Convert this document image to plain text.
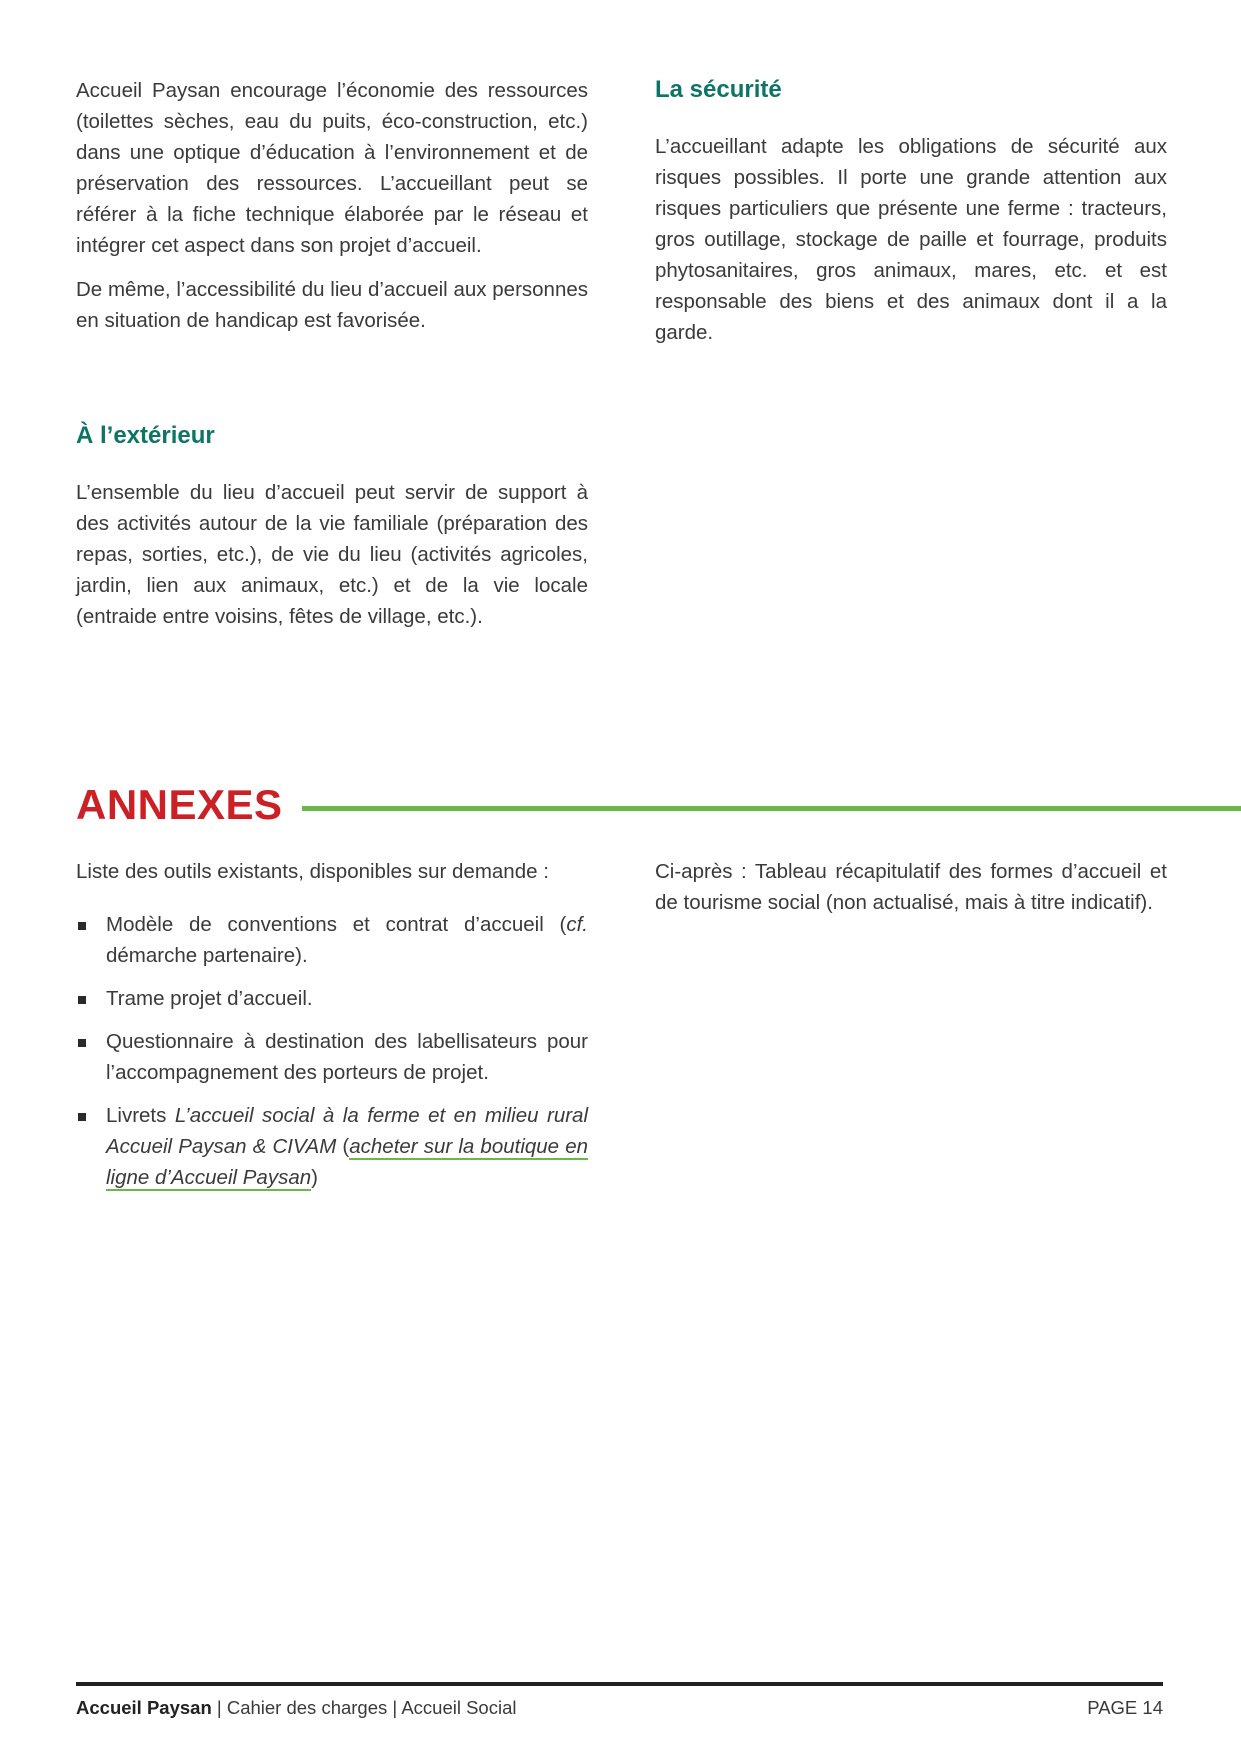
Accueil Paysan encourage l’économie des ressources (toilettes sèches, eau du puits, éco-construction, etc.) dans une optique d’éducation à l’environnement et de préservation des ressources. L’accueillant peut se référer à la fiche technique élaborée par le réseau et intégrer cet aspect dans son projet d’accueil.

De même, l’accessibilité du lieu d’accueil aux personnes en situation de handicap est favorisée.

À l’extérieur

L’ensemble du lieu d’accueil peut servir de support à des activités autour de la vie familiale (préparation des repas, sorties, etc.), de vie du lieu (activités agricoles, jardin, lien aux animaux, etc.) et de la vie locale (entraide entre voisins, fêtes de village, etc.).

La sécurité

L’accueillant adapte les obligations de sécurité aux risques possibles. Il porte une grande attention aux risques particuliers que présente une ferme : tracteurs, gros outillage, stockage de paille et fourrage, produits phytosanitaires, gros animaux, mares, etc. et est responsable des biens et des animaux dont il a la garde.

ANNEXES

Liste des outils existants, disponibles sur demande :

Modèle de conventions et contrat d’accueil (cf. démarche partenaire).
Trame projet d’accueil.
Questionnaire à destination des labellisateurs pour l’accompagnement des porteurs de projet.
Livrets L’accueil social à la ferme et en milieu rural Accueil Paysan & CIVAM (acheter sur la boutique en ligne d’Accueil Paysan)

Ci-après : Tableau récapitulatif des formes d’accueil et de tourisme social (non actualisé, mais à titre indicatif).

Accueil Paysan | Cahier des charges | Accueil Social	PAGE 14
